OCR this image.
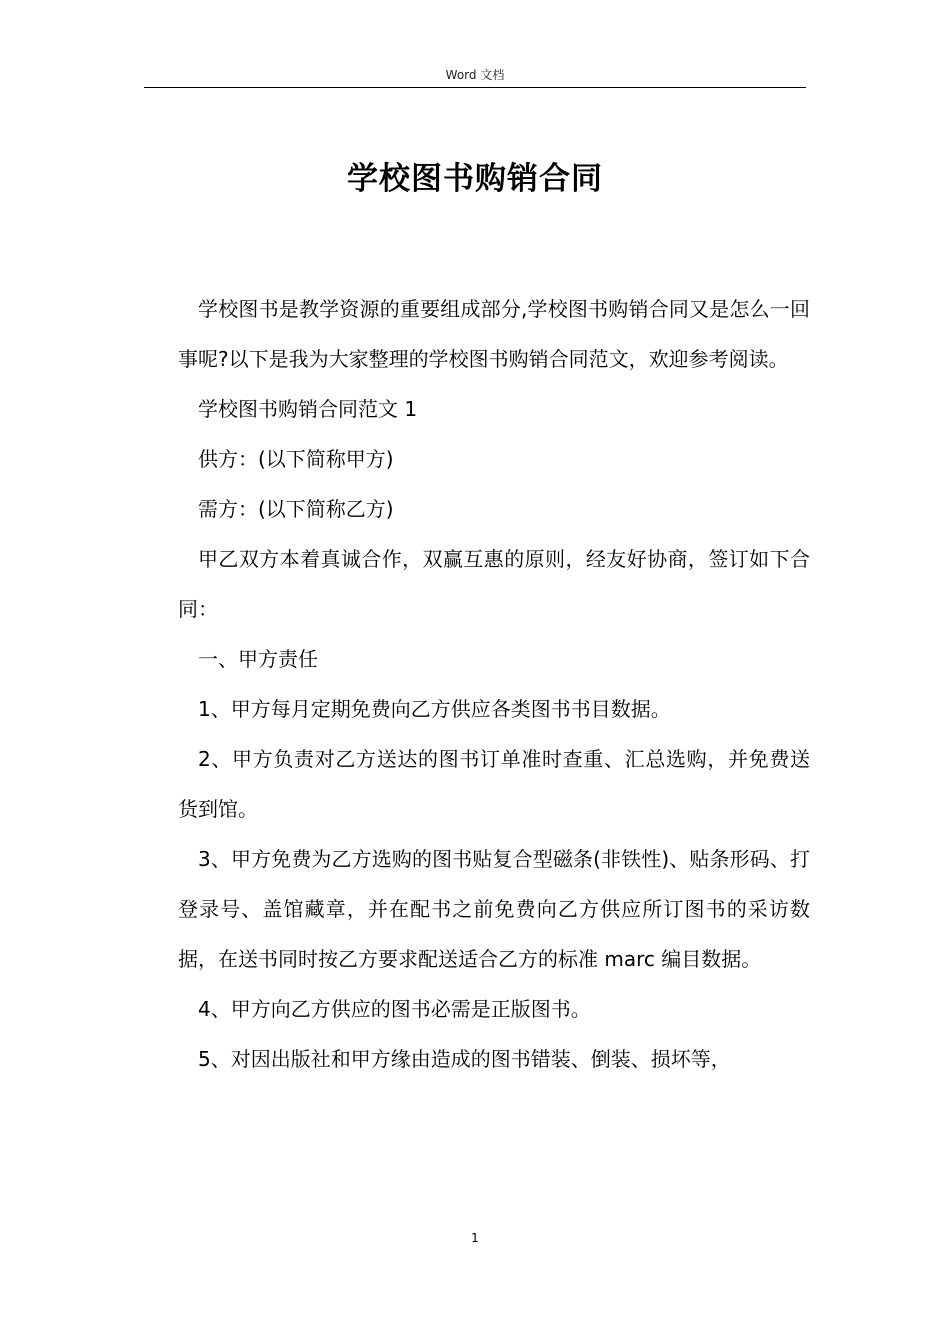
Word 文档
学校图书购销合同

学校图书是教学资源的重要组成部分,学校图书购销合同又是怎么一回事呢?以下是我为大家整理的学校图书购销合同范文，欢迎参考阅读。

学校图书购销合同范文 1

供方：(以下简称甲方)

需方：(以下简称乙方)

甲乙双方本着真诚合作，双赢互惠的原则，经友好协商，签订如下合同：

一、甲方责任

1、甲方每月定期免费向乙方供应各类图书书目数据。

2、甲方负责对乙方送达的图书订单准时查重、汇总选购，并免费送货到馆。

3、甲方免费为乙方选购的图书贴复合型磁条(非铁性)、贴条形码、打登录号、盖馆藏章，并在配书之前免费向乙方供应所订图书的采访数据，在送书同时按乙方要求配送适合乙方的标准 marc 编目数据。

4、甲方向乙方供应的图书必需是正版图书。

5、对因出版社和甲方缘由造成的图书错装、倒装、损坏等，

1
